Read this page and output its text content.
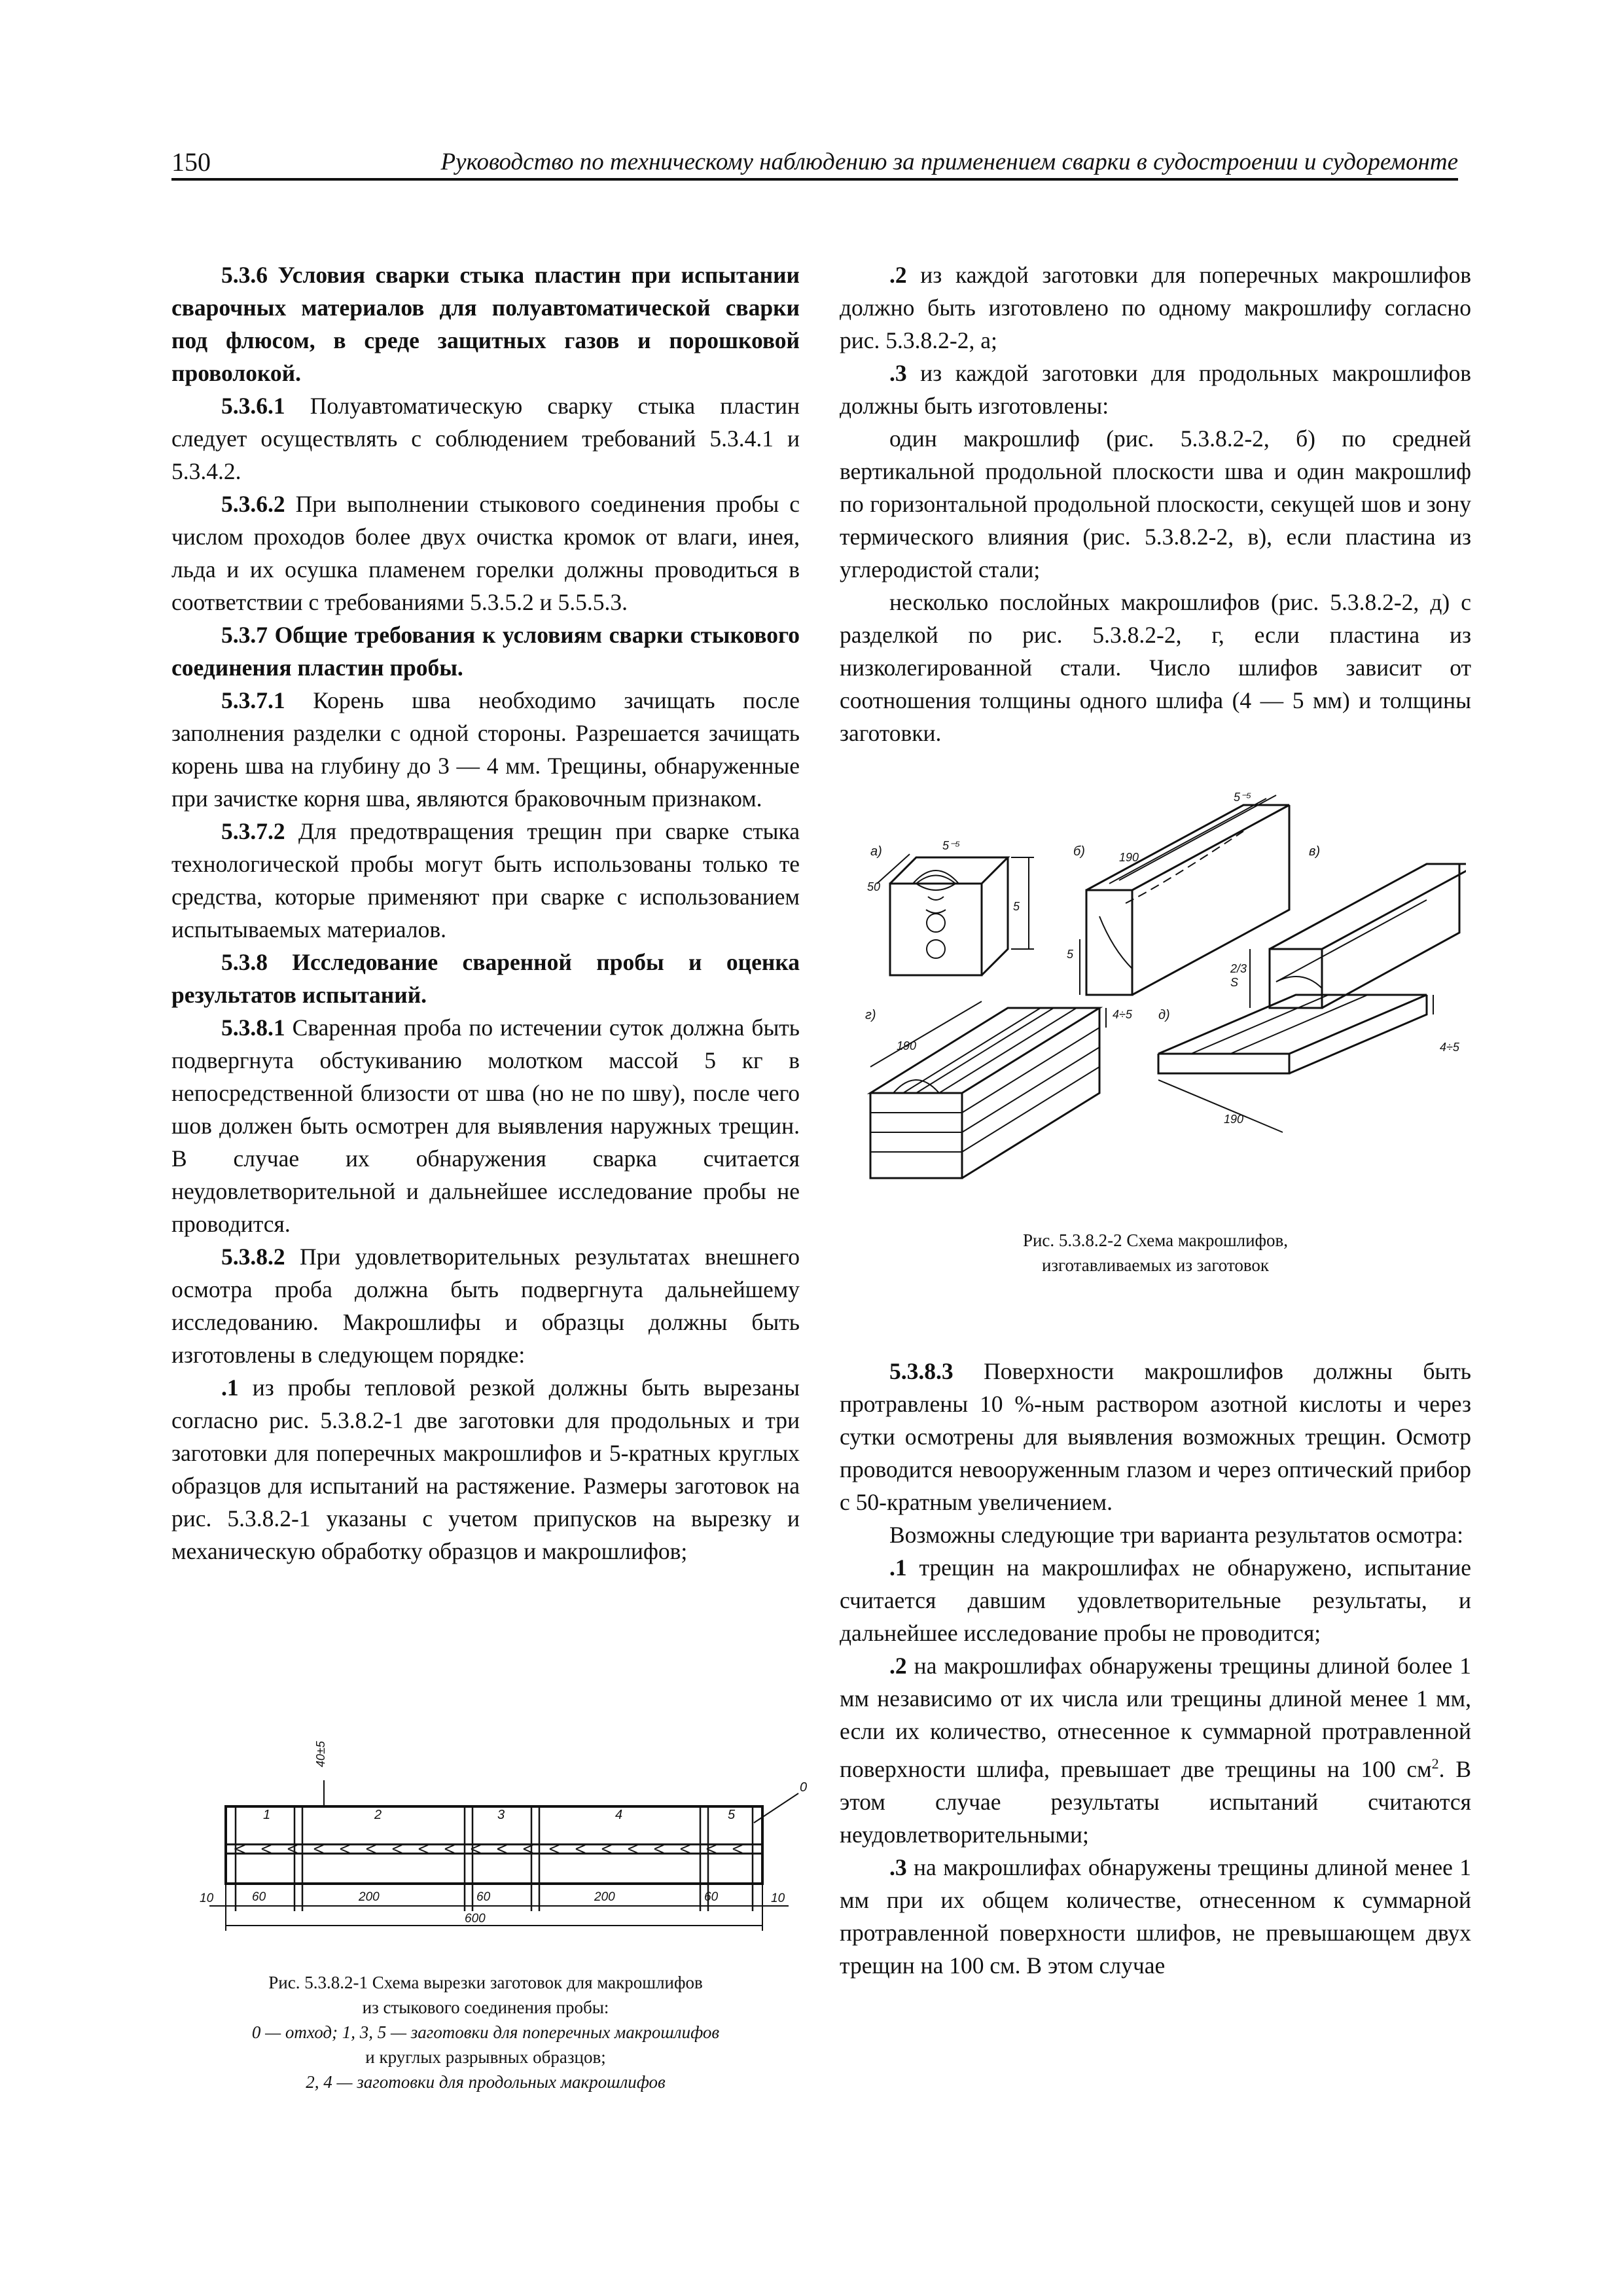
150	Руководство по техническому наблюдению за применением сварки в судостроении и судоремонте

5.3.6 Условия сварки стыка пластин при испытании сварочных материалов для полуавтоматической сварки под флюсом, в среде защитных газов и порошковой проволокой.

5.3.6.1 Полуавтоматическую сварку стыка пластин следует осуществлять с соблюдением требований 5.3.4.1 и 5.3.4.2.

5.3.6.2 При выполнении стыкового соединения пробы с числом проходов более двух очистка кромок от влаги, инея, льда и их осушка пламенем горелки должны проводиться в соответствии с требованиями 5.3.5.2 и 5.5.5.3.

5.3.7 Общие требования к условиям сварки стыкового соединения пластин пробы.

5.3.7.1 Корень шва необходимо зачищать после заполнения разделки с одной стороны. Разрешается зачищать корень шва на глубину до 3 — 4 мм. Трещины, обнаруженные при зачистке корня шва, являются браковочным признаком.

5.3.7.2 Для предотвращения трещин при сварке стыка технологической пробы могут быть использованы только те средства, которые применяют при сварке с использованием испытываемых материалов.

5.3.8 Исследование сваренной пробы и оценка результатов испытаний.

5.3.8.1 Сваренная проба по истечении суток должна быть подвергнута обстукиванию молотком массой 5 кг в непосредственной близости от шва (но не по шву), после чего шов должен быть осмотрен для выявления наружных трещин. В случае их обнаружения сварка считается неудовлетворительной и дальнейшее исследование пробы не проводится.

5.3.8.2 При удовлетворительных результатах внешнего осмотра проба должна быть подвергнута дальнейшему исследованию. Макрошлифы и образцы должны быть изготовлены в следующем порядке:

.1 из пробы тепловой резкой должны быть вырезаны согласно рис. 5.3.8.2-1 две заготовки для продольных и три заготовки для поперечных макрошлифов и 5-кратных круглых образцов для испытаний на растяжение. Размеры заготовок на рис. 5.3.8.2-1 указаны с учетом припусков на вырезку и механическую обработку образцов и макрошлифов;

1	2	3	4	5
10	60	200	60	200	60	10
600
40±5
0
Рис. 5.3.8.2-1 Схема вырезки заготовок для макрошлифов
из стыкового соединения пробы:
0 — отход; 1, 3, 5 — заготовки для поперечных макрошлифов
и круглых разрывных образцов;
2, 4 — заготовки для продольных макрошлифов

.2 из каждой заготовки для поперечных макрошлифов должно быть изготовлено по одному макрошлифу согласно рис. 5.3.8.2-2, а;

.3 из каждой заготовки для продольных макрошлифов должны быть изготовлены:

один макрошлиф (рис. 5.3.8.2-2, б) по средней вертикальной продольной плоскости шва и один макрошлиф по горизонтальной продольной плоскости, секущей шов и зону термического влияния (рис. 5.3.8.2-2, в), если пластина из углеродистой стали;

несколько послойных макрошлифов (рис. 5.3.8.2-2, д) с разделкой по рис. 5.3.8.2-2, г, если пластина из низколегированной стали. Число шлифов зависит от соотношения толщины одного шлифа (4 — 5 мм) и толщины заготовки.

а)	б)	в)
г)	д)
5⁻⁵
50
5
190
5⁻⁵
5
2/3 S
190
4÷5
4÷5
190
Рис. 5.3.8.2-2 Схема макрошлифов,
изготавливаемых из заготовок

5.3.8.3 Поверхности макрошлифов должны быть протравлены 10 %-ным раствором азотной кислоты и через сутки осмотрены для выявления возможных трещин. Осмотр проводится невооруженным глазом и через оптический прибор с 50-кратным увеличением.

Возможны следующие три варианта результатов осмотра:

.1 трещин на макрошлифах не обнаружено, испытание считается давшим удовлетворительные результаты, и дальнейшее исследование пробы не проводится;

.2 на макрошлифах обнаружены трещины длиной более 1 мм независимо от их числа или трещины длиной менее 1 мм, если их количество, отнесенное к суммарной протравленной поверхности шлифа, превышает две трещины на 100 $см^2$. В этом случае результаты испытаний считаются неудовлетворительными;

.3 на макрошлифах обнаружены трещины длиной менее 1 мм при их общем количестве, отнесенном к суммарной протравленной поверхности шлифов, не превышающем двух трещин на 100 см. В этом случае
